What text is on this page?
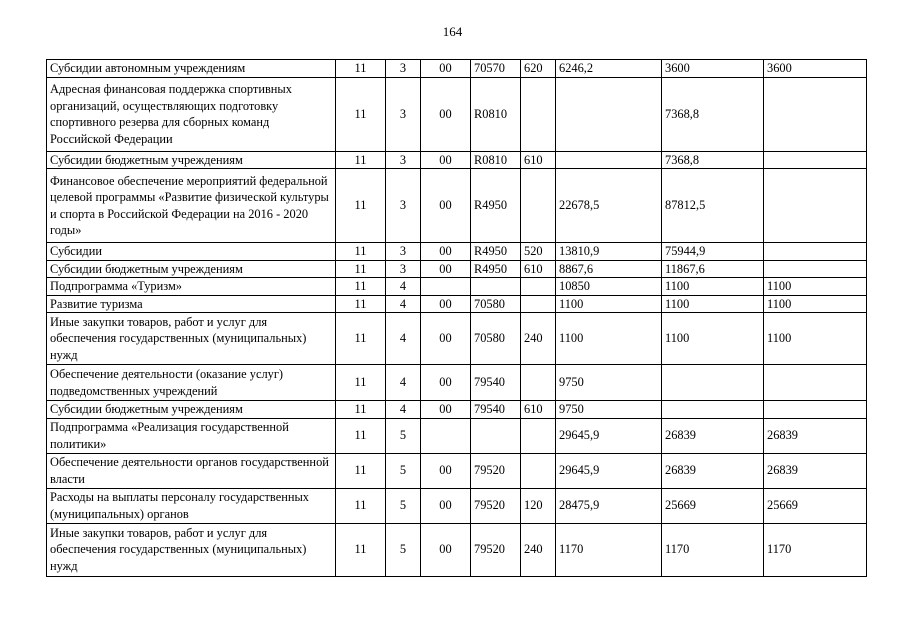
164
Субсидии автономным учреждениям	11	3	00	70570	620	6246,2	3600	3600
Адресная финансовая поддержка спортивных организаций, осуществляющих подготовку спортивного резерва для сборных команд Российской Федерации	11	3	00	R0810			7368,8	
Субсидии бюджетным учреждениям	11	3	00	R0810	610		7368,8	
Финансовое обеспечение мероприятий федеральной целевой программы «Развитие физической культуры и спорта в Российской Федерации на 2016 - 2020 годы»	11	3	00	R4950		22678,5	87812,5	
Субсидии	11	3	00	R4950	520	13810,9	75944,9	
Субсидии бюджетным учреждениям	11	3	00	R4950	610	8867,6	11867,6	
Подпрограмма «Туризм»	11	4				10850	1100	1100
Развитие туризма	11	4	00	70580		1100	1100	1100
Иные закупки товаров, работ и услуг для обеспечения государственных (муниципальных) нужд	11	4	00	70580	240	1100	1100	1100
Обеспечение деятельности (оказание услуг) подведомственных учреждений	11	4	00	79540		9750		
Субсидии бюджетным учреждениям	11	4	00	79540	610	9750		
Подпрограмма «Реализация государственной политики»	11	5				29645,9	26839	26839
Обеспечение деятельности органов государственной власти	11	5	00	79520		29645,9	26839	26839
Расходы на выплаты персоналу государственных (муниципальных) органов	11	5	00	79520	120	28475,9	25669	25669
Иные закупки товаров, работ и услуг для обеспечения государственных (муниципальных) нужд	11	5	00	79520	240	1170	1170	1170
